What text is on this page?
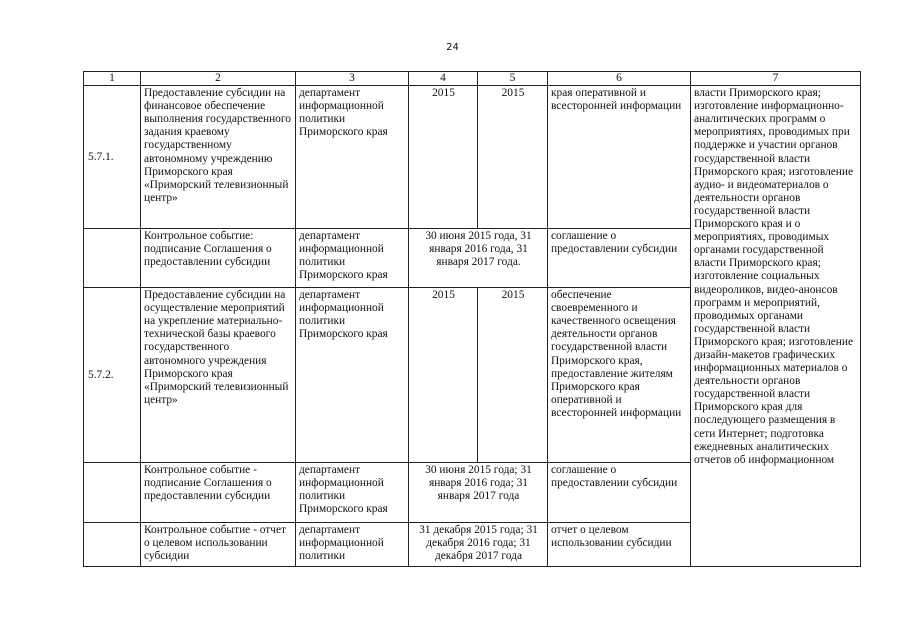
24
1	2	3	4	5	6	7
5.7.1.	Предоставление субсидии на финансовое обеспечение выполнения государственного задания краевому государственному автономному учреждению Приморского края «Приморский телевизионный центр»	департамент информационной политики Приморского края	2015	2015	края оперативной и всесторонней информации	власти Приморского края; изготовление информационно-аналитических программ о мероприятиях, проводимых при поддержке и участии органов государственной власти Приморского края; изготовление аудио- и видеоматериалов о деятельности органов государственной власти Приморского края и о мероприятиях, проводимых органами государственной власти Приморского края; изготовление социальных видеороликов, видео-анонсов программ и мероприятий, проводимых органами государственной власти Приморского края; изготовление дизайн-макетов графических информационных материалов о деятельности органов государственной власти Приморского края для последующего размещения в сети Интернет; подготовка ежедневных аналитических отчетов об информационном
	Контрольное событие: подписание Соглашения о предоставлении субсидии	департамент информационной политики Приморского края	30 июня 2015 года, 31 января 2016 года, 31 января 2017 года.		соглашение о предоставлении субсидии	
5.7.2.	Предоставление субсидии на осуществление мероприятий на укрепление материально-технической базы краевого государственного автономного учреждения Приморского края «Приморский телевизионный центр»	департамент информационной политики Приморского края	2015	2015	обеспечение своевременного и качественного освещения деятельности органов государственной власти Приморского края, предоставление жителям Приморского края оперативной и всесторонней информации	
	Контрольное событие - подписание Соглашения о предоставлении субсидии	департамент информационной политики Приморского края	30 июня 2015 года; 31 января 2016 года; 31 января 2017 года		соглашение о предоставлении субсидии	
	Контрольное событие - отчет о целевом использовании субсидии	департамент информационной политики	31 декабря 2015 года; 31 декабря 2016 года; 31 декабря 2017 года		отчет о целевом использовании субсидии	
